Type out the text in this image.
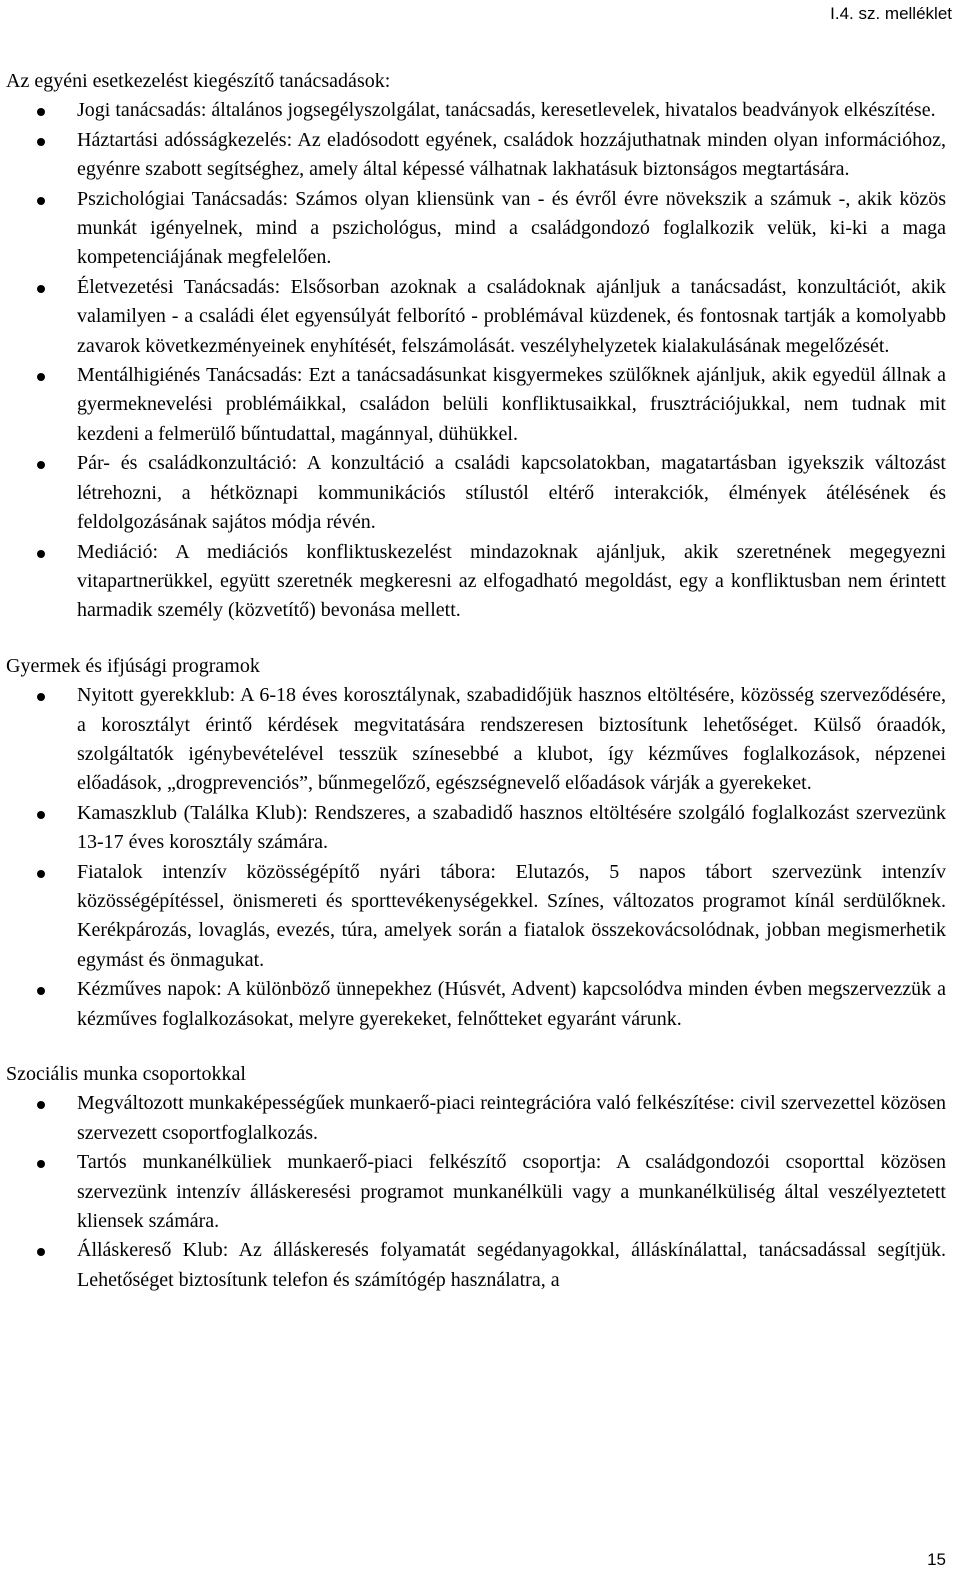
I.4. sz. melléklet
Az egyéni esetkezelést kiegészítő tanácsadások:
Jogi tanácsadás: általános jogsegélyszolgálat, tanácsadás, keresetlevelek, hivatalos beadványok elkészítése.
Háztartási adósságkezelés: Az eladósodott egyének, családok hozzájuthatnak minden olyan információhoz, egyénre szabott segítséghez, amely által képessé válhatnak lakhatásuk biztonságos megtartására.
Pszichológiai Tanácsadás: Számos olyan kliensünk van - és évről évre növekszik a számuk -, akik közös munkát igényelnek, mind a pszichológus, mind a családgondozó foglalkozik velük, ki-ki a maga kompetenciájának megfelelően.
Életvezetési Tanácsadás: Elsősorban azoknak a családoknak ajánljuk a tanácsadást, konzultációt, akik valamilyen - a családi élet egyensúlyát felborító - problémával küzdenek, és fontosnak tartják a komolyabb zavarok következményeinek enyhítését, felszámolását. veszélyhelyzetek kialakulásának megelőzését.
Mentálhigiénés Tanácsadás: Ezt a tanácsadásunkat kisgyermekes szülőknek ajánljuk, akik egyedül állnak a gyermeknevelési problémáikkal, családon belüli konfliktusaikkal, frusztrációjukkal, nem tudnak mit kezdeni a felmerülő bűntudattal, magánnyal, dühükkel.
Pár- és családkonzultáció: A konzultáció a családi kapcsolatokban, magatartásban igyekszik változást létrehozni, a hétköznapi kommunikációs stílustól eltérő interakciók, élmények átélésének és feldolgozásának sajátos módja révén.
Mediáció: A mediációs konfliktuskezelést mindazoknak ajánljuk, akik szeretnének megegyezni vitapartnerükkel, együtt szeretnék megkeresni az elfogadható megoldást, egy a konfliktusban nem érintett harmadik személy (közvetítő) bevonása mellett.
Gyermek és ifjúsági programok
Nyitott gyerekklub: A 6-18 éves korosztálynak, szabadidőjük hasznos eltöltésére, közösség szerveződésére, a korosztályt érintő kérdések megvitatására rendszeresen biztosítunk lehetőséget. Külső óraadók, szolgáltatók igénybevételével tesszük színesebbé a klubot, így kézműves foglalkozások, népzenei előadások, „drogprevenciós”, bűnmegelőző, egészségnevelő előadások várják a gyerekeket.
Kamaszklub (Találka Klub): Rendszeres, a szabadidő hasznos eltöltésére szolgáló foglalkozást szervezünk 13-17 éves korosztály számára.
Fiatalok intenzív közösségépítő nyári tábora: Elutazós, 5 napos tábort szervezünk intenzív közösségépítéssel, önismereti és sporttevékenységekkel. Színes, változatos programot kínál serdülőknek. Kerékpározás, lovaglás, evezés, túra, amelyek során a fiatalok összekovácsolódnak, jobban megismerhetik egymást és önmagukat.
Kézműves napok: A különböző ünnepekhez (Húsvét, Advent) kapcsolódva minden évben megszervezzük a kézműves foglalkozásokat, melyre gyerekeket, felnőtteket egyaránt várunk.
Szociális munka csoportokkal
Megváltozott munkaképességűek munkaerő-piaci reintegrációra való felkészítése: civil szervezettel közösen szervezett csoportfoglalkozás.
Tartós munkanélküliek munkaerő-piaci felkészítő csoportja: A családgondozói csoporttal közösen szervezünk intenzív álláskeresési programot munkanélküli vagy a munkanélküliség által veszélyeztetett kliensek számára.
Álláskereső Klub: Az álláskeresés folyamatát segédanyagokkal, álláskínálattal, tanácsadással segítjük. Lehetőséget biztosítunk telefon és számítógép használatra, a
15
